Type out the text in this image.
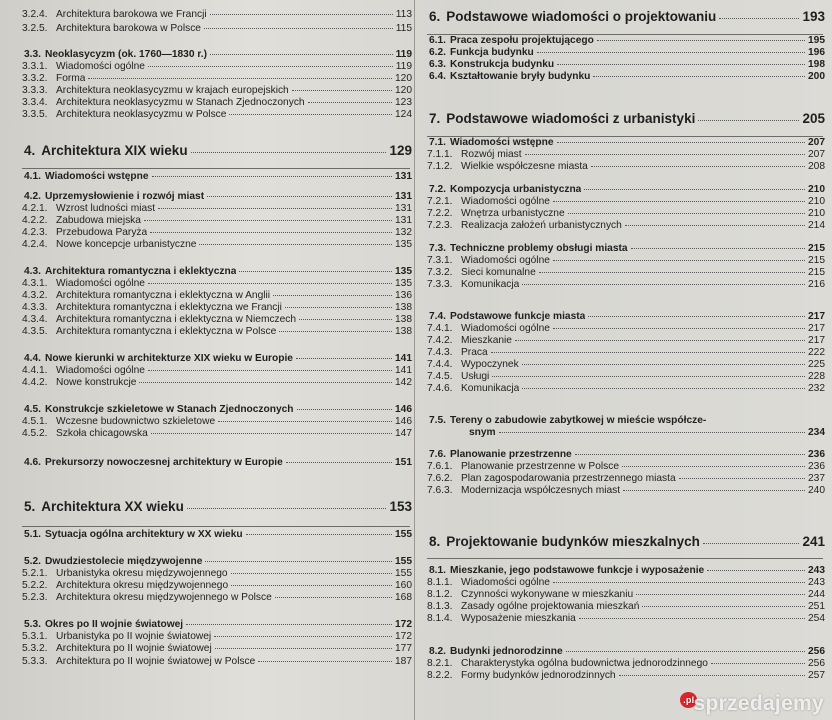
3.2.4. Architektura barokowa we Francji	113
3.2.5. Architektura barokowa w Polsce	115
3.3. Neoklasycyzm (ok. 1760—1830 r.)	119
3.3.1. Wiadomości ogólne	119
3.3.2. Forma	120
3.3.3. Architektura neoklasycyzmu w krajach europejskich	120
3.3.4. Architektura neoklasycyzmu w Stanach Zjednoczonych	123
3.3.5. Architektura neoklasycyzmu w Polsce	124
4. Architektura XIX wieku	129
4.1. Wiadomości wstępne	131
4.2. Uprzemysłowienie i rozwój miast	131
4.2.1. Wzrost ludności miast	131
4.2.2. Zabudowa miejska	131
4.2.3. Przebudowa Paryża	132
4.2.4. Nowe koncepcje urbanistyczne	135
4.3. Architektura romantyczna i eklektyczna	135
4.3.1. Wiadomości ogólne	135
4.3.2. Architektura romantyczna i eklektyczna w Anglii	136
4.3.3. Architektura romantyczna i eklektyczna we Francji	138
4.3.4. Architektura romantyczna i eklektyczna w Niemczech	138
4.3.5. Architektura romantyczna i eklektyczna w Polsce	138
4.4. Nowe kierunki w architekturze XIX wieku w Europie	141
4.4.1. Wiadomości ogólne	141
4.4.2. Nowe konstrukcje	142
4.5. Konstrukcje szkieletowe w Stanach Zjednoczonych	146
4.5.1. Wczesne budownictwo szkieletowe	146
4.5.2. Szkoła chicagowska	147
4.6. Prekursorzy nowoczesnej architektury w Europie	151
5. Architektura XX wieku	153
5.1. Sytuacja ogólna architektury w XX wieku	155
5.2. Dwudziestolecie międzywojenne	155
5.2.1. Urbanistyka okresu międzywojennego	155
5.2.2. Architektura okresu międzywojennego	160
5.2.3. Architektura okresu międzywojennego w Polsce	168
5.3. Okres po II wojnie światowej	172
5.3.1. Urbanistyka po II wojnie światowej	172
5.3.2. Architektura po II wojnie światowej	177
5.3.3. Architektura po II wojnie światowej w Polsce	187
6. Podstawowe wiadomości o projektowaniu	193
6.1. Praca zespołu projektującego	195
6.2. Funkcja budynku	196
6.3. Konstrukcja budynku	198
6.4. Kształtowanie bryły budynku	200
7. Podstawowe wiadomości z urbanistyki	205
7.1. Wiadomości wstępne	207
7.1.1. Rozwój miast	207
7.1.2. Wielkie współczesne miasta	208
7.2. Kompozycja urbanistyczna	210
7.2.1. Wiadomości ogólne	210
7.2.2. Wnętrza urbanistyczne	210
7.2.3. Realizacja założeń urbanistycznych	214
7.3. Techniczne problemy obsługi miasta	215
7.3.1. Wiadomości ogólne	215
7.3.2. Sieci komunalne	215
7.3.3. Komunikacja	216
7.4. Podstawowe funkcje miasta	217
7.4.1. Wiadomości ogólne	217
7.4.2. Mieszkanie	217
7.4.3. Praca	222
7.4.4. Wypoczynek	225
7.4.5. Usługi	228
7.4.6. Komunikacja	232
7.5. Tereny o zabudowie zabytkowej w mieście współcze-
snym	234
7.6. Planowanie przestrzenne	236
7.6.1. Planowanie przestrzenne w Polsce	236
7.6.2. Plan zagospodarowania przestrzennego miasta	237
7.6.3. Modernizacja współczesnych miast	240
8. Projektowanie budynków mieszkalnych	241
8.1. Mieszkanie, jego podstawowe funkcje i wyposażenie	243
8.1.1. Wiadomości ogólne	243
8.1.2. Czynności wykonywane w mieszkaniu	244
8.1.3. Zasady ogólne projektowania mieszkań	251
8.1.4. Wyposażenie mieszkania	254
8.2. Budynki jednorodzinne	256
8.2.1. Charakterystyka ogólna budownictwa jednorodzinnego	256
8.2.2. Formy budynków jednorodzinnych	257
.plsprzedajemy
